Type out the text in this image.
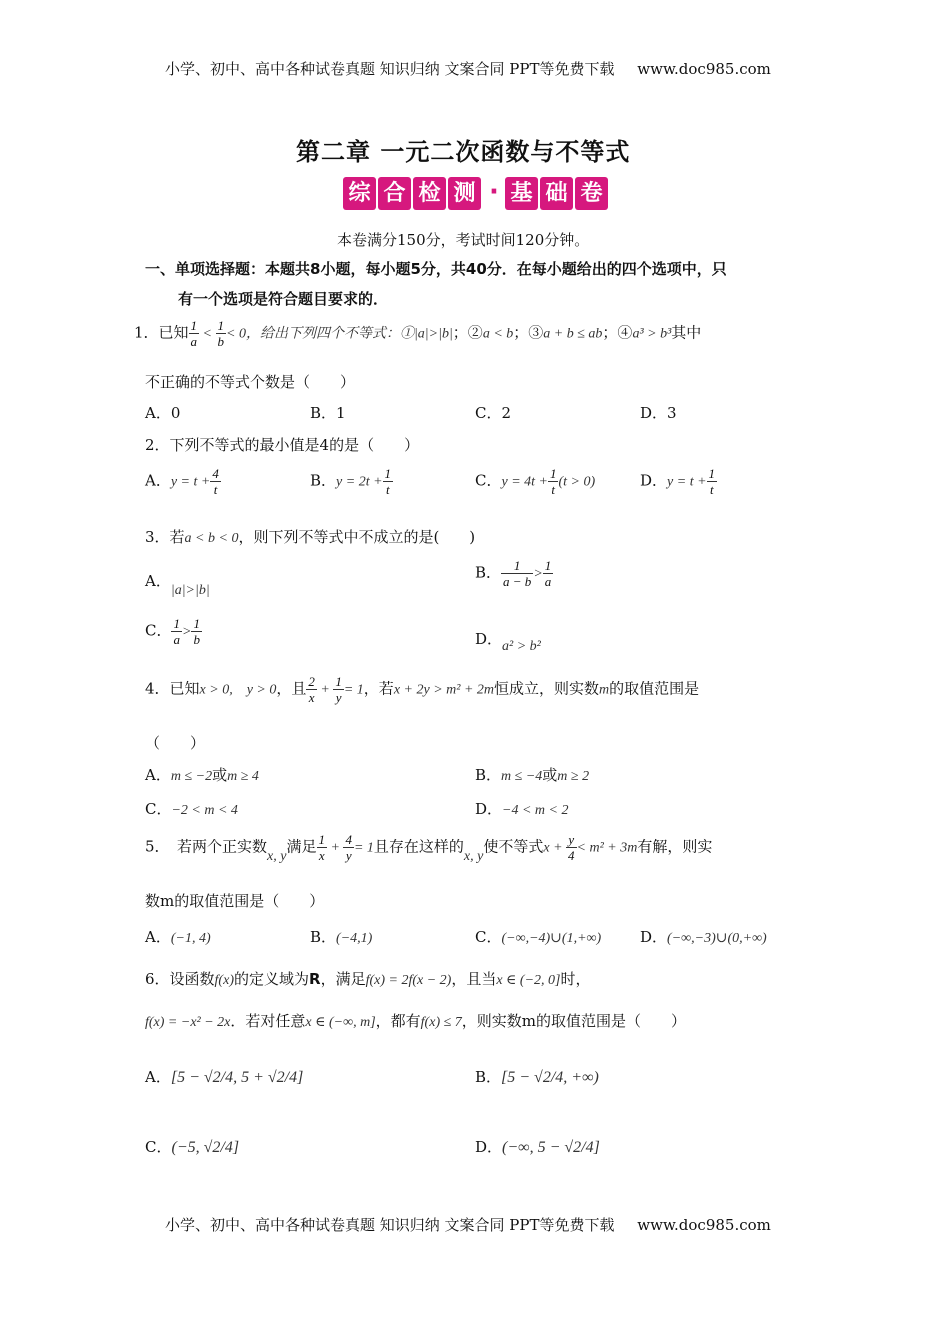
小学、初中、高中各种试卷真题 知识归纳 文案合同 PPT等免费下载 www.doc985.com
第二章 一元二次函数与不等式
综 合 检 测 · 基 础 卷
本卷满分150分，考试时间120分钟。
一、单项选择题：本题共8小题，每小题5分，共40分．在每小题给出的四个选项中，只
有一个选项是符合题目要求的．
1．已知 $\frac{1}{a} < \frac{1}{b} < 0$，给出下列四个不等式：①|a|>|b|；②a < b；③a + b ≤ ab；④a³ > b³其中
不正确的不等式个数是（　　）
A．0	B．1	C．2	D．3
2．下列不等式的最小值是4的是（　　）
A．$y = t + \frac{4}{t}$	B．$y = 2t + \frac{1}{t}$	C．$y = 4t + \frac{1}{t} (t > 0)$	D．$y = t + \frac{1}{t}$
3．若a < b < 0，则下列不等式中不成立的是(　　)
A．|a|>|b|
B． $\frac{1}{a - b} > \frac{1}{a}$
C． $\frac{1}{a} > \frac{1}{b}$	D．a² > b²
4．已知x > 0,　y > 0，且 $\frac{2}{x} + \frac{1}{y} = 1$，若x + 2y > m² + 2m恒成立，则实数m的取值范围是
（　　）
A．m ≤ −2或m ≥ 4	B．m ≤ −4或m ≥ 2
C．−2 < m < 4	D．−4 < m < 2
5．　若两个正实数x, y满足 $\frac{1}{x} + \frac{4}{y} = 1$且存在这样的x, y使不等式$x + \frac{y}{4} < m^2 + 3m$有解，则实
数m的取值范围是（　　）
A．(−1, 4)	B．(−4,1)	C．(−∞,−4)∪(1,+∞)	D．(−∞,−3)∪(0,+∞)
6．设函数f(x)的定义域为R，满足f(x) = 2f(x − 2)，且当x ∈ (−2, 0]时，
f(x) = −x² − 2x．若对任意x ∈ (−∞, m]，都有f(x) ≤ 7，则实数m的取值范围是（　　）
A．[5 − √2/4, 5 + √2/4]	B．[5 − √2/4, +∞)
C．(−5, √2/4]	D．(−∞, 5 − √2/4]
小学、初中、高中各种试卷真题 知识归纳 文案合同 PPT等免费下载 www.doc985.com
